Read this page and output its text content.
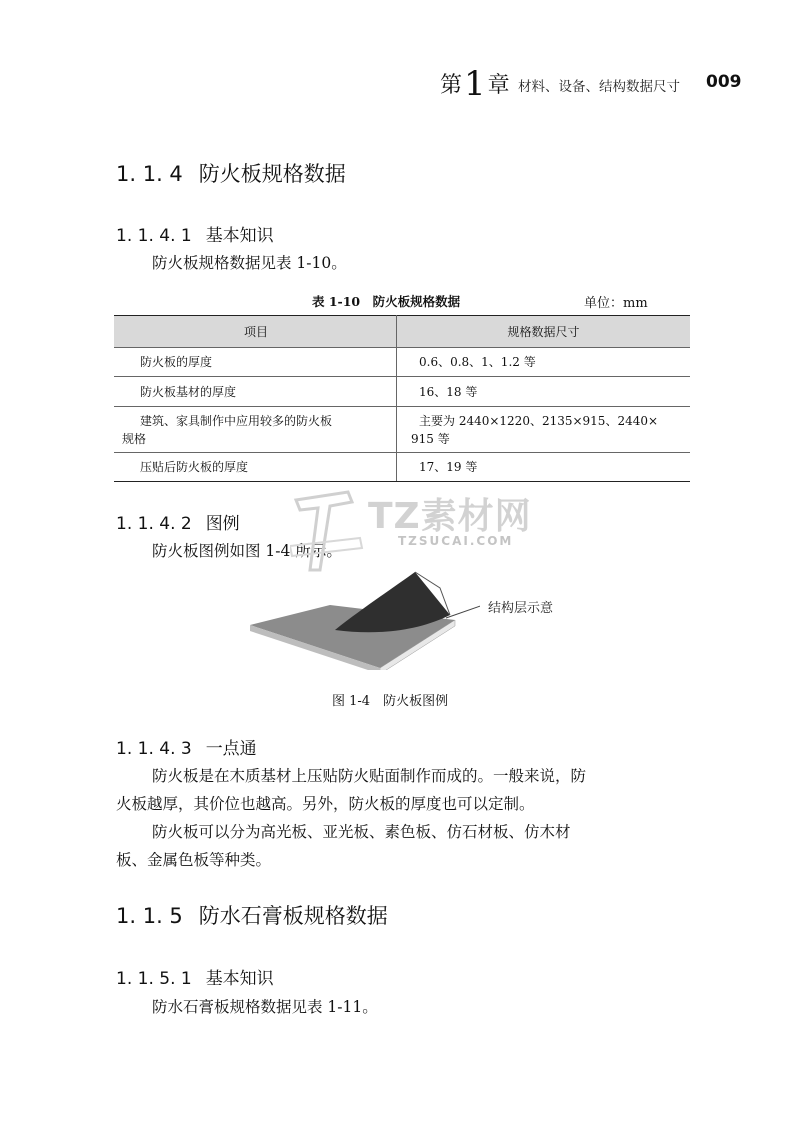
第1章 材料、设备、结构数据尺寸 009
1. 1. 4 防火板规格数据
1. 1. 4. 1 基本知识
防火板规格数据见表 1-10。
表 1-10　防火板规格数据	单位：mm
项目	规格数据尺寸
防火板的厚度	0.6、0.8、1、1.2 等
防火板基材的厚度	16、18 等
建筑、家具制作中应用较多的防火板
规格	主要为 2440×1220、2135×915、2440×
915 等
压贴后防火板的厚度	17、19 等
1. 1. 4. 2 图例
防火板图例如图 1-4 所示。
TZ素材网
TZSUCAI.COM
结构层示意
图 1-4　防火板图例
1. 1. 4. 3 一点通
防火板是在木质基材上压贴防火贴面制作而成的。一般来说，防
火板越厚，其价位也越高。另外，防火板的厚度也可以定制。
防火板可以分为高光板、亚光板、素色板、仿石材板、仿木材
板、金属色板等种类。
1. 1. 5 防水石膏板规格数据
1. 1. 5. 1 基本知识
防水石膏板规格数据见表 1-11。
